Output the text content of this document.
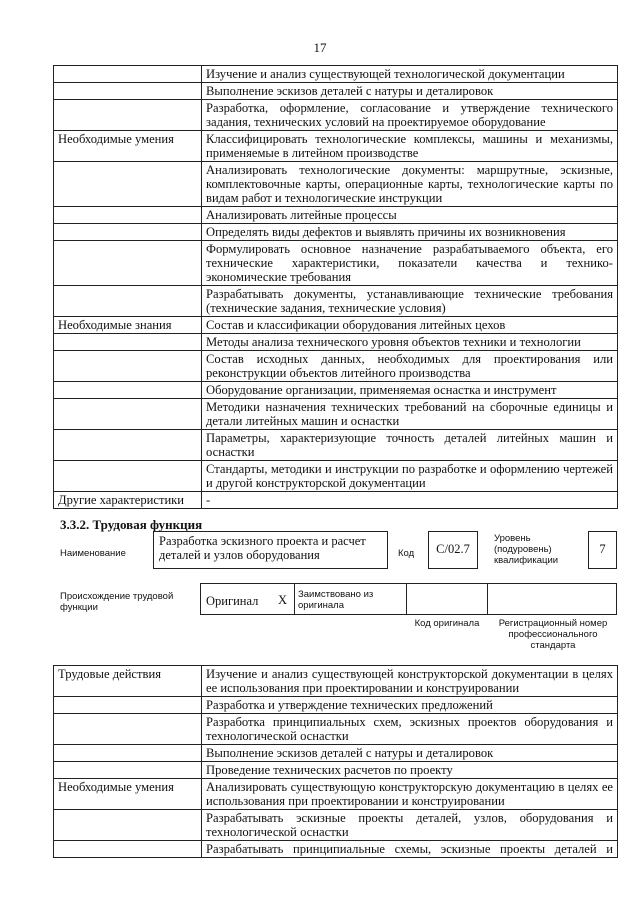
17
	Изучение и анализ существующей технологической документации
	Выполнение эскизов деталей с натуры и деталировок
	Разработка, оформление, согласование и утверждение технического задания, технических условий на проектируемое оборудование
Необходимые умения	Классифицировать технологические комплексы, машины и механизмы, применяемые в литейном производстве
	Анализировать технологические документы: маршрутные, эскизные, комплектовочные карты, операционные карты, технологические карты по видам работ и технологические инструкции
	Анализировать литейные процессы
	Определять виды дефектов и выявлять причины их возникновения
	Формулировать основное назначение разрабатываемого объекта, его технические характеристики, показатели качества и технико-экономические требования
	Разрабатывать документы, устанавливающие технические требования (технические задания, технические условия)
Необходимые знания	Состав и классификации оборудования литейных цехов
	Методы анализа технического уровня объектов техники и технологии
	Состав исходных данных, необходимых для проектирования или реконструкции объектов литейного производства
	Оборудование организации, применяемая оснастка и инструмент
	Методики назначения технических требований на сборочные единицы и детали литейных машин и оснастки
	Параметры, характеризующие точность деталей литейных машин и оснастки
	Стандарты, методики и инструкции по разработке и оформлению чертежей и другой конструкторской документации
Другие характеристики	-
3.3.2. Трудовая функция
Наименование
Разработка эскизного проекта и расчет деталей и узлов оборудования	Код	C/02.7
Уровень (подуровень) квалификации
7
Происхождение трудовой функции	Оригинал X Заимствовано из оригинала
Код оригинала	Регистрационный номер профессионального стандарта
Трудовые действия	Изучение и анализ существующей конструкторской документации в целях ее использования при проектировании и конструировании
	Разработка и утверждение технических предложений
	Разработка принципиальных схем, эскизных проектов оборудования и технологической оснастки
	Выполнение эскизов деталей с натуры и деталировок
	Проведение технических расчетов по проекту
Необходимые умения	Анализировать существующую конструкторскую документацию в целях ее использования при проектировании и конструировании
	Разрабатывать эскизные проекты деталей, узлов, оборудования и технологической оснастки
	Разрабатывать принципиальные схемы, эскизные проекты деталей и
